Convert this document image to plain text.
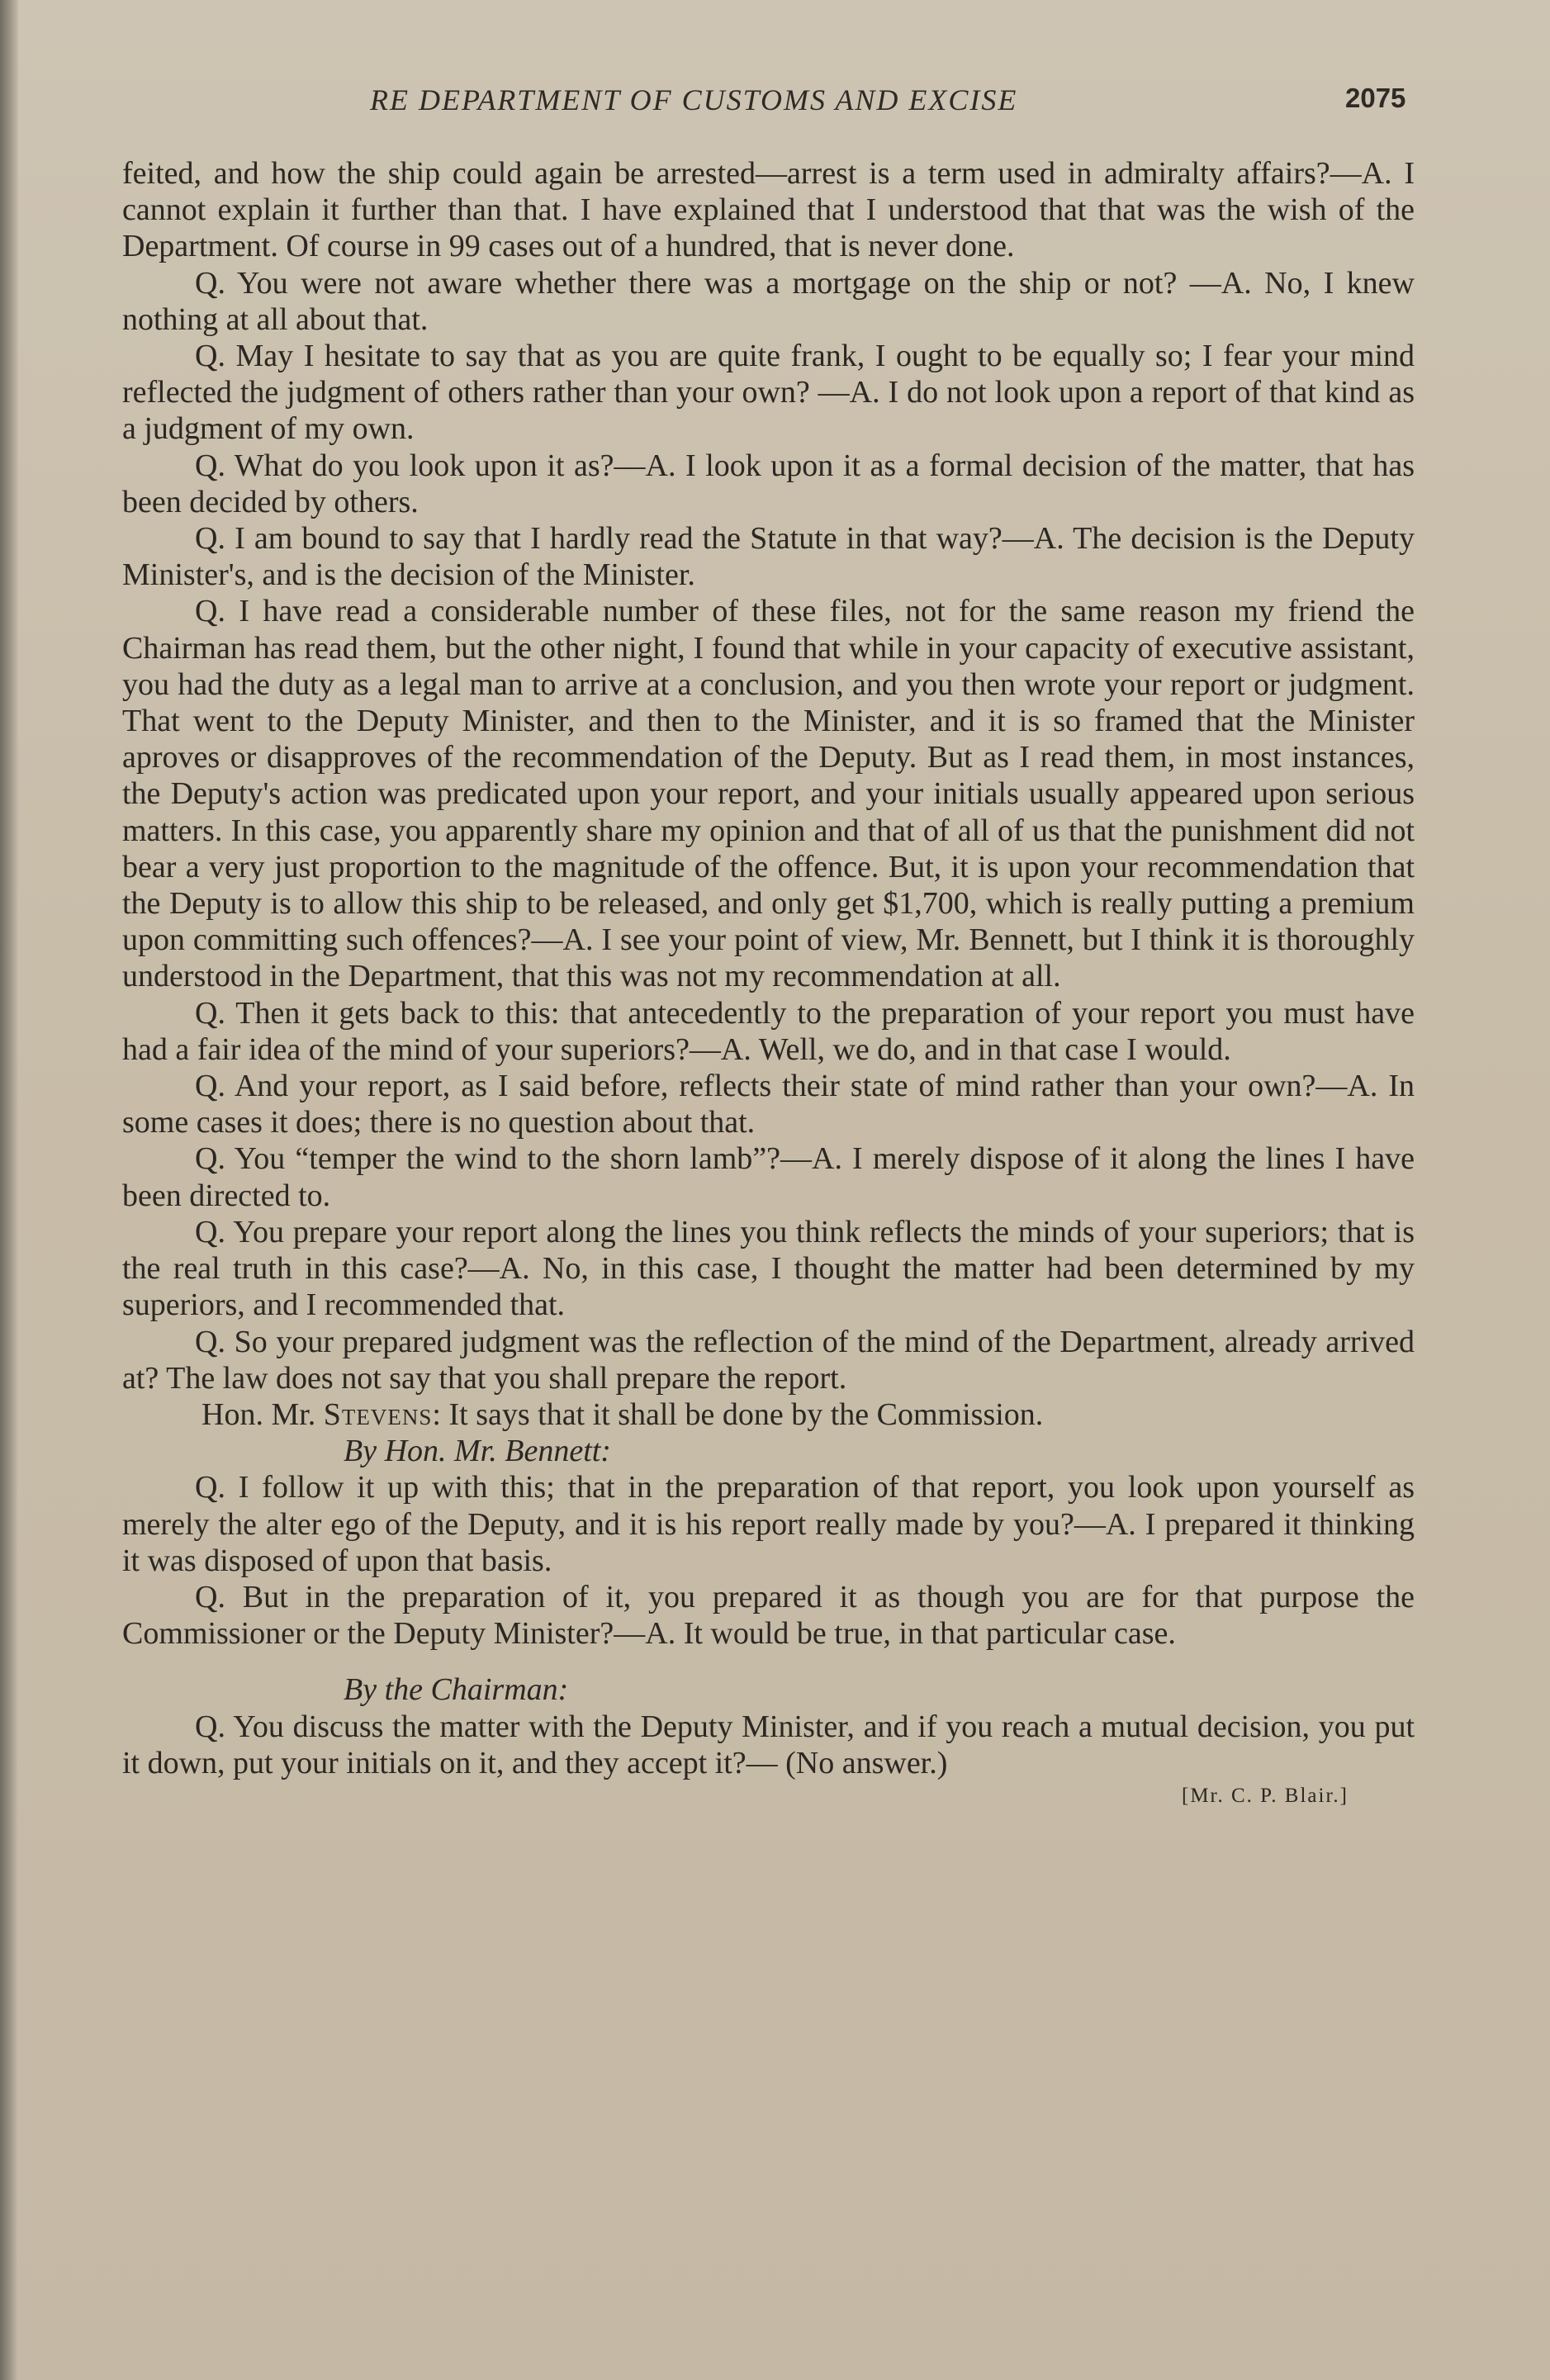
RE DEPARTMENT OF CUSTOMS AND EXCISE	2075

feited, and how the ship could again be arrested—arrest is a term used in admiralty affairs?—A. I cannot explain it further than that. I have explained that I understood that that was the wish of the Department. Of course in 99 cases out of a hundred, that is never done.

Q. You were not aware whether there was a mortgage on the ship or not? —A. No, I knew nothing at all about that.

Q. May I hesitate to say that as you are quite frank, I ought to be equally so; I fear your mind reflected the judgment of others rather than your own? —A. I do not look upon a report of that kind as a judgment of my own.

Q. What do you look upon it as?—A. I look upon it as a formal decision of the matter, that has been decided by others.

Q. I am bound to say that I hardly read the Statute in that way?—A. The decision is the Deputy Minister's, and is the decision of the Minister.

Q. I have read a considerable number of these files, not for the same reason my friend the Chairman has read them, but the other night, I found that while in your capacity of executive assistant, you had the duty as a legal man to arrive at a conclusion, and you then wrote your report or judgment. That went to the Deputy Minister, and then to the Minister, and it is so framed that the Minister aproves or disapproves of the recommendation of the Deputy. But as I read them, in most instances, the Deputy's action was predicated upon your report, and your initials usually appeared upon serious matters. In this case, you apparently share my opinion and that of all of us that the punishment did not bear a very just proportion to the magnitude of the offence. But, it is upon your recommendation that the Deputy is to allow this ship to be released, and only get $1,700, which is really putting a premium upon committing such offences?—A. I see your point of view, Mr. Bennett, but I think it is thoroughly understood in the Department, that this was not my recommendation at all.

Q. Then it gets back to this: that antecedently to the preparation of your report you must have had a fair idea of the mind of your superiors?—A. Well, we do, and in that case I would.

Q. And your report, as I said before, reflects their state of mind rather than your own?—A. In some cases it does; there is no question about that.

Q. You “temper the wind to the shorn lamb”?—A. I merely dispose of it along the lines I have been directed to.

Q. You prepare your report along the lines you think reflects the minds of your superiors; that is the real truth in this case?—A. No, in this case, I thought the matter had been determined by my superiors, and I recommended that.

Q. So your prepared judgment was the reflection of the mind of the Department, already arrived at? The law does not say that you shall prepare the report.

Hon. Mr. Stevens: It says that it shall be done by the Commission.

By Hon. Mr. Bennett:

Q. I follow it up with this; that in the preparation of that report, you look upon yourself as merely the alter ego of the Deputy, and it is his report really made by you?—A. I prepared it thinking it was disposed of upon that basis.

Q. But in the preparation of it, you prepared it as though you are for that purpose the Commissioner or the Deputy Minister?—A. It would be true, in that particular case.

By the Chairman:

Q. You discuss the matter with the Deputy Minister, and if you reach a mutual decision, you put it down, put your initials on it, and they accept it?— (No answer.)

[Mr. C. P. Blair.]
